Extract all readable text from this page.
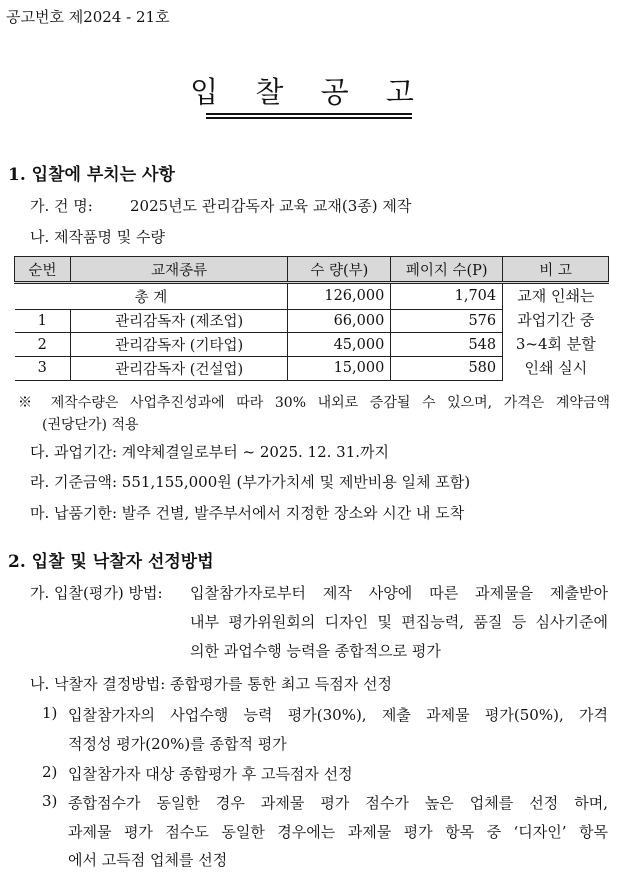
공고번호 제2024 - 21호
입 찰 공 고
1. 입찰에 부치는 사항
가. 건 명: 2025년도 관리감독자 교육 교재(3종) 제작
나. 제작품명 및 수량
순번	교재종류	수 량(부)	페이지 수(P)	비 고
총 계		126,000	1,704	교재 인쇄는
과업기간 중
3~4회 분할
인쇄 실시

1	관리감독자 (제조업)	66,000	576	
2	관리감독자 (기타업)	45,000	548	
3	관리감독자 (건설업)	15,000	580	
※ 제작수량은 사업추진성과에 따라 30% 내외로 증감될 수 있으며, 가격은 계약금액
(권당단가) 적용
다. 과업기간: 계약체결일로부터 ~ 2025. 12. 31.까지
라. 기준금액: 551,155,000원 (부가가치세 및 제반비용 일체 포함)
마. 납품기한: 발주 건별, 발주부서에서 지정한 장소와 시간 내 도착
2. 입찰 및 낙찰자 선정방법
가. 입찰(평가) 방법: 입찰참가자로부터 제작 사양에 따른 과제물을 제출받아
내부 평가위원회의 디자인 및 편집능력, 품질 등 심사기준에
의한 과업수행 능력을 종합적으로 평가
나. 낙찰자 결정방법: 종합평가를 통한 최고 득점자 선정
1) 입찰참가자의 사업수행 능력 평가(30%), 제출 과제물 평가(50%), 가격
적정성 평가(20%)를 종합적 평가
2) 입찰참가자 대상 종합평가 후 고득점자 선정
3) 종합점수가 동일한 경우 과제물 평가 점수가 높은 업체를 선정 하며,
과제물 평가 점수도 동일한 경우에는 과제물 평가 항목 중 ‘디자인’ 항목
에서 고득점 업체를 선정
